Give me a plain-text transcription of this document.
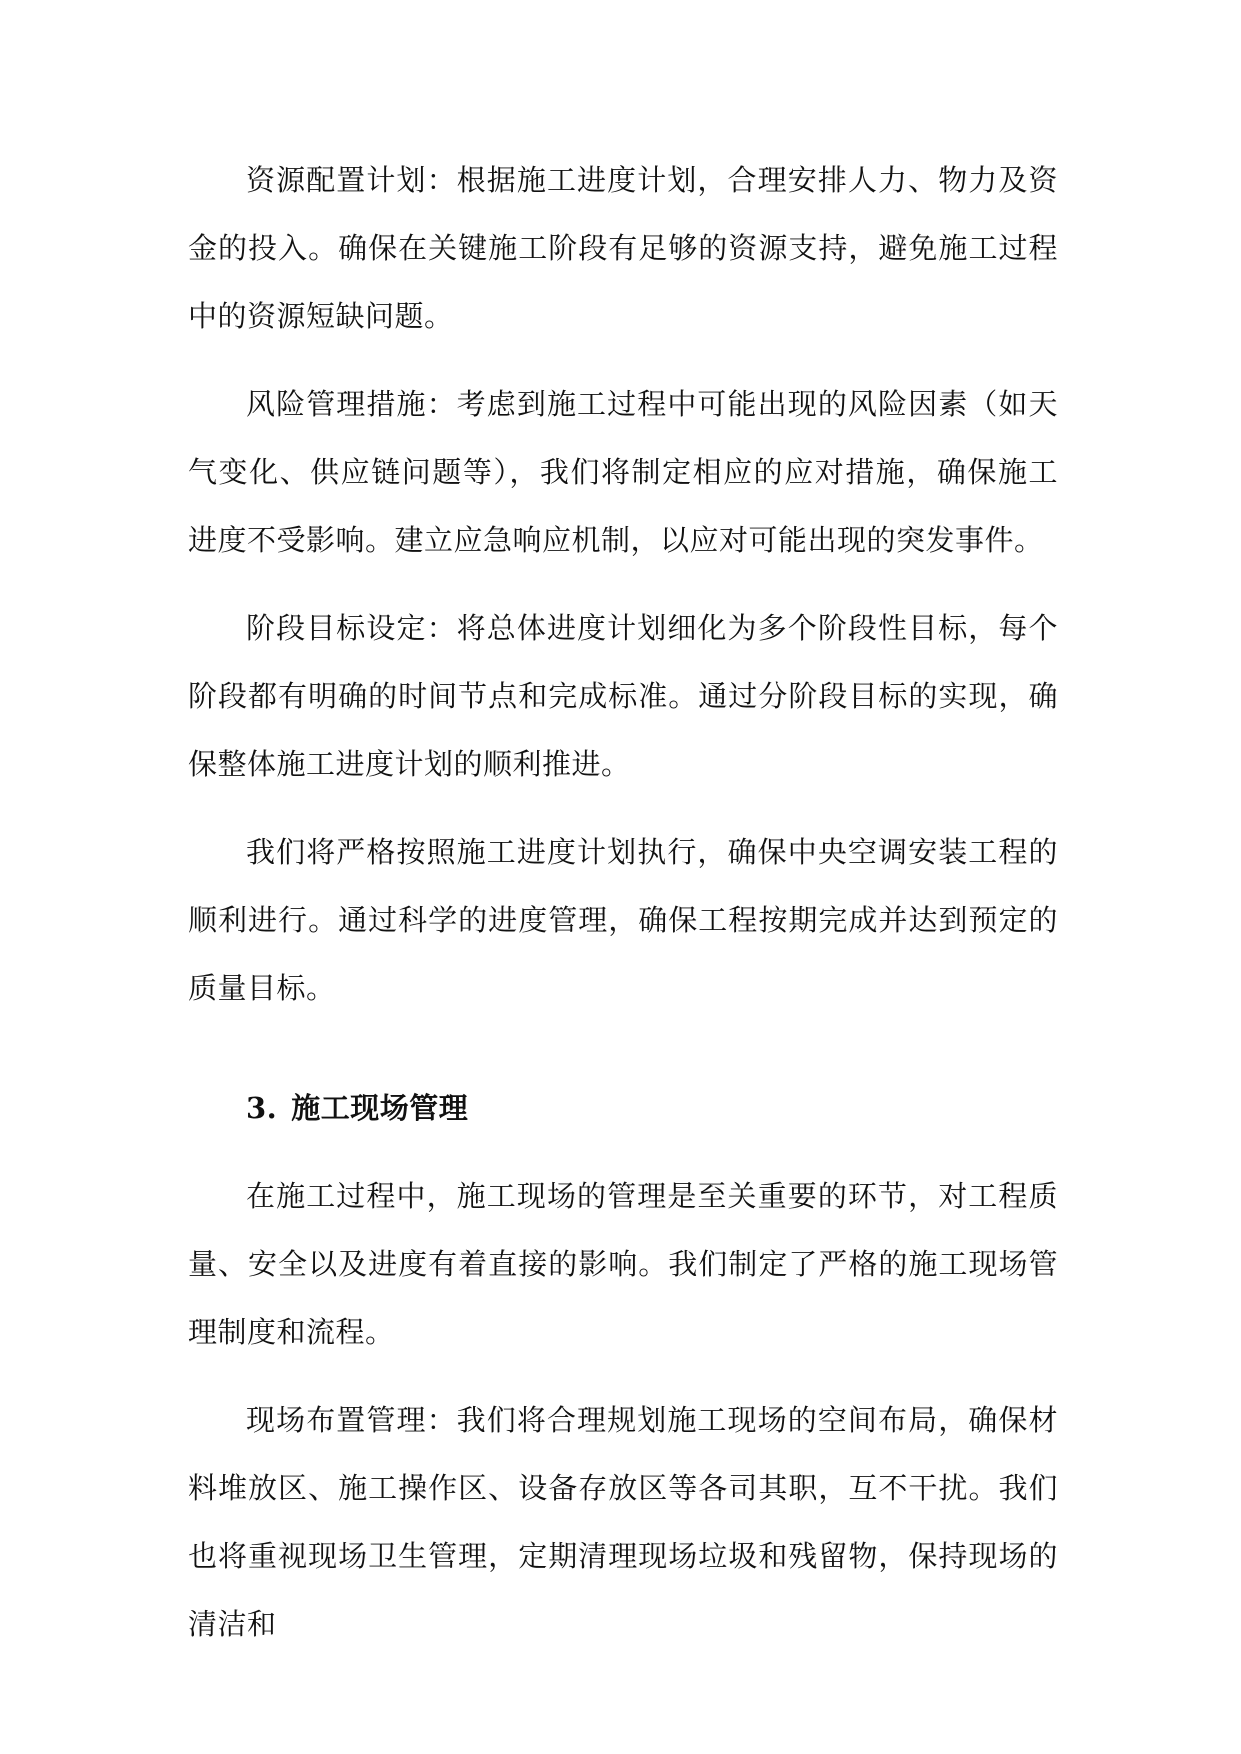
资源配置计划：根据施工进度计划，合理安排人力、物力及资金的投入。确保在关键施工阶段有足够的资源支持，避免施工过程中的资源短缺问题。

风险管理措施：考虑到施工过程中可能出现的风险因素（如天气变化、供应链问题等），我们将制定相应的应对措施，确保施工进度不受影响。建立应急响应机制，以应对可能出现的突发事件。

阶段目标设定：将总体进度计划细化为多个阶段性目标，每个阶段都有明确的时间节点和完成标准。通过分阶段目标的实现，确保整体施工进度计划的顺利推进。

我们将严格按照施工进度计划执行，确保中央空调安装工程的顺利进行。通过科学的进度管理，确保工程按期完成并达到预定的质量目标。

3. 施工现场管理

在施工过程中，施工现场的管理是至关重要的环节，对工程质量、安全以及进度有着直接的影响。我们制定了严格的施工现场管理制度和流程。

现场布置管理：我们将合理规划施工现场的空间布局，确保材料堆放区、施工操作区、设备存放区等各司其职，互不干扰。我们也将重视现场卫生管理，定期清理现场垃圾和残留物，保持现场的清洁和
